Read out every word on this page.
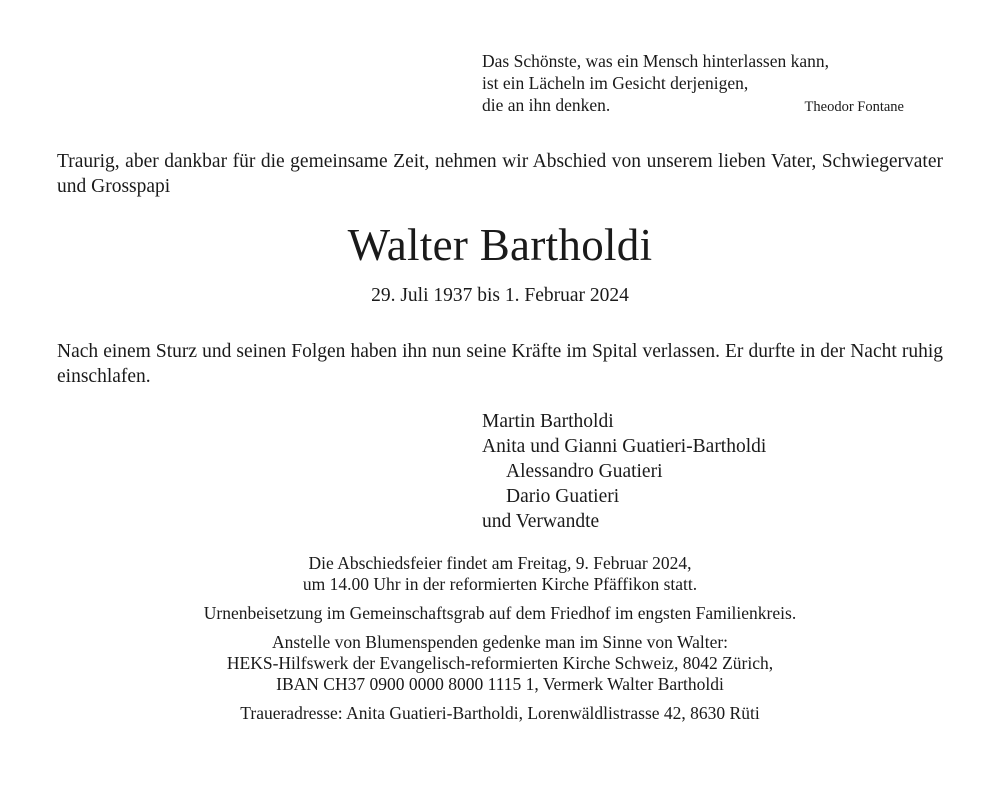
Das Schönste, was ein Mensch hinterlassen kann,
ist ein Lächeln im Gesicht derjenigen,
die an ihn denken.	Theodor Fontane
Traurig, aber dankbar für die gemeinsame Zeit, nehmen wir Abschied von unserem lieben Vater, Schwiegervater und Grosspapi
Walter Bartholdi
29. Juli 1937 bis 1. Februar 2024
Nach einem Sturz und seinen Folgen haben ihn nun seine Kräfte im Spital verlassen. Er durfte in der Nacht ruhig einschlafen.
Martin Bartholdi
Anita und Gianni Guatieri-Bartholdi
Alessandro Guatieri
Dario Guatieri
und Verwandte
Die Abschiedsfeier findet am Freitag, 9. Februar 2024,
um 14.00 Uhr in der reformierten Kirche Pfäffikon statt.
Urnenbeisetzung im Gemeinschaftsgrab auf dem Friedhof im engsten Familienkreis.
Anstelle von Blumenspenden gedenke man im Sinne von Walter:
HEKS-Hilfswerk der Evangelisch-reformierten Kirche Schweiz, 8042 Zürich,
IBAN CH37 0900 0000 8000 1115 1, Vermerk Walter Bartholdi
Traueradresse: Anita Guatieri-Bartholdi, Lorenwäldlistrasse 42, 8630 Rüti
